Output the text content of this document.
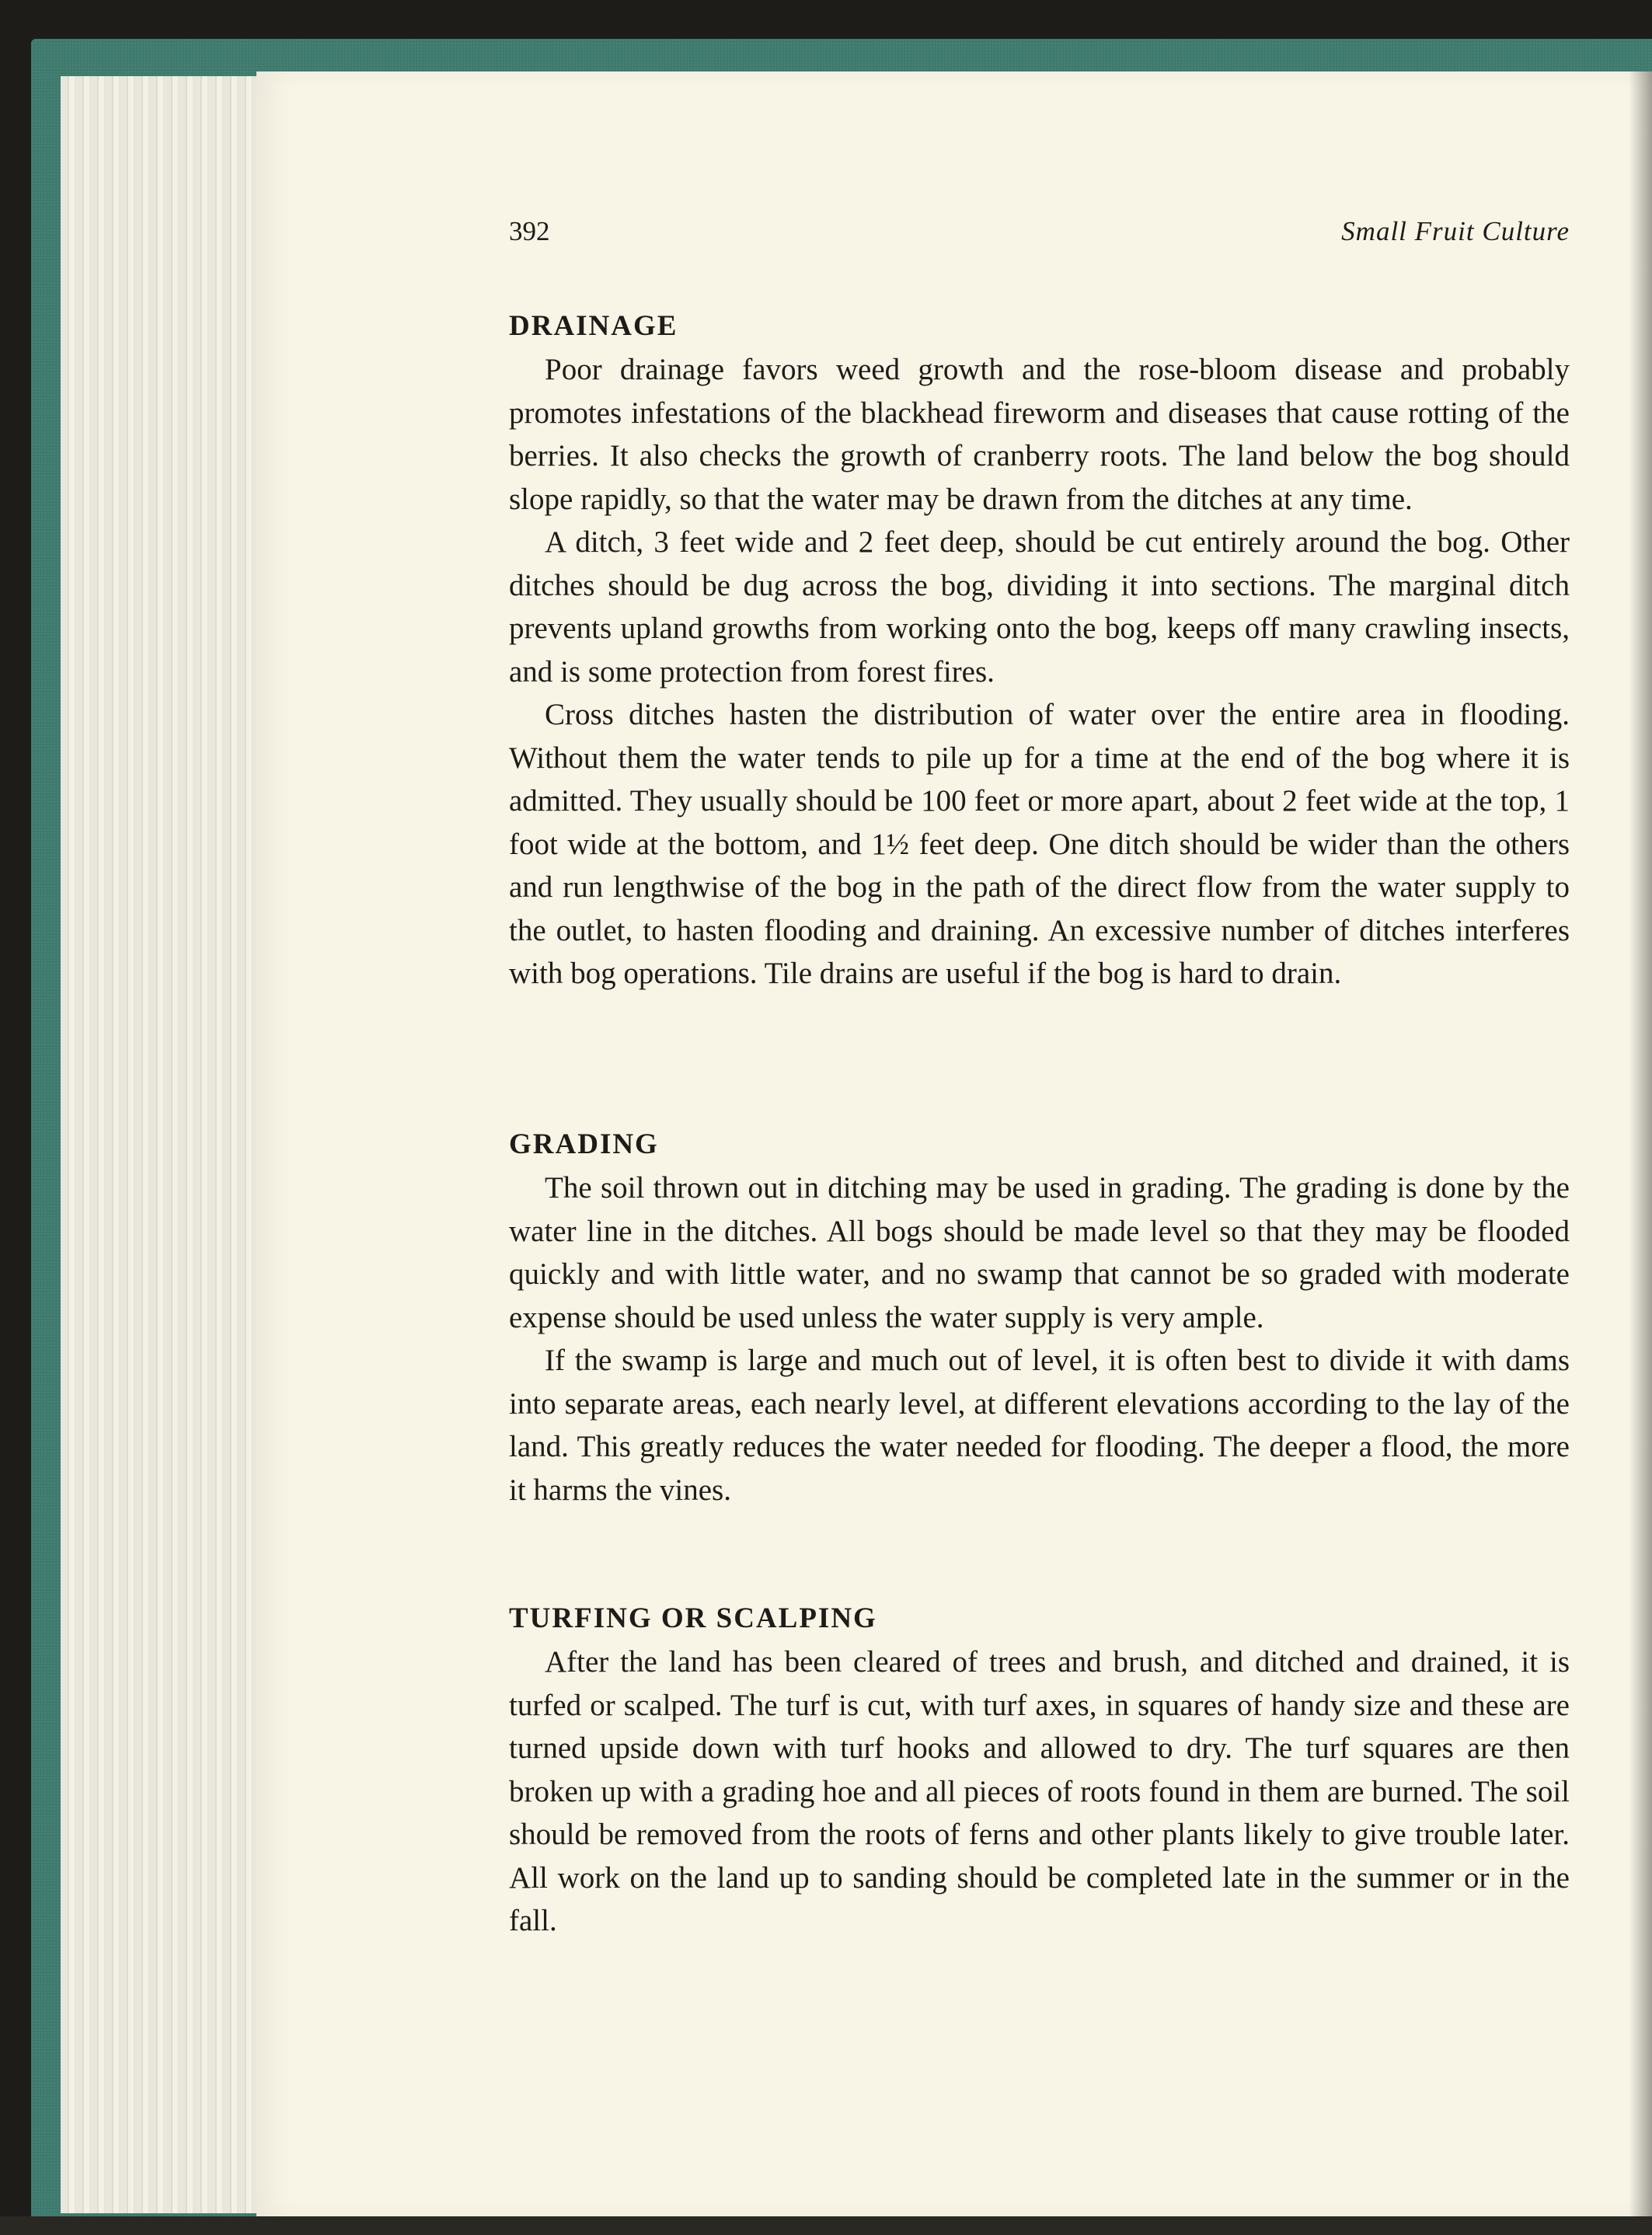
392	Small Fruit Culture
DRAINAGE

Poor drainage favors weed growth and the rose-bloom disease and probably promotes infestations of the blackhead fireworm and diseases that cause rotting of the berries. It also checks the growth of cranberry roots. The land below the bog should slope rapidly, so that the water may be drawn from the ditches at any time.

A ditch, 3 feet wide and 2 feet deep, should be cut entirely around the bog. Other ditches should be dug across the bog, dividing it into sections. The marginal ditch prevents upland growths from working onto the bog, keeps off many crawling insects, and is some protection from forest fires.

Cross ditches hasten the distribution of water over the entire area in flooding. Without them the water tends to pile up for a time at the end of the bog where it is admitted. They usually should be 100 feet or more apart, about 2 feet wide at the top, 1 foot wide at the bottom, and 1½ feet deep. One ditch should be wider than the others and run lengthwise of the bog in the path of the direct flow from the water supply to the outlet, to hasten flooding and draining. An excessive number of ditches interferes with bog operations. Tile drains are useful if the bog is hard to drain.

GRADING

The soil thrown out in ditching may be used in grading. The grading is done by the water line in the ditches. All bogs should be made level so that they may be flooded quickly and with little water, and no swamp that cannot be so graded with moderate expense should be used unless the water supply is very ample.

If the swamp is large and much out of level, it is often best to divide it with dams into separate areas, each nearly level, at different elevations according to the lay of the land. This greatly reduces the water needed for flooding. The deeper a flood, the more it harms the vines.

TURFING OR SCALPING

After the land has been cleared of trees and brush, and ditched and drained, it is turfed or scalped. The turf is cut, with turf axes, in squares of handy size and these are turned upside down with turf hooks and allowed to dry. The turf squares are then broken up with a grading hoe and all pieces of roots found in them are burned. The soil should be removed from the roots of ferns and other plants likely to give trouble later. All work on the land up to sanding should be completed late in the summer or in the fall.
